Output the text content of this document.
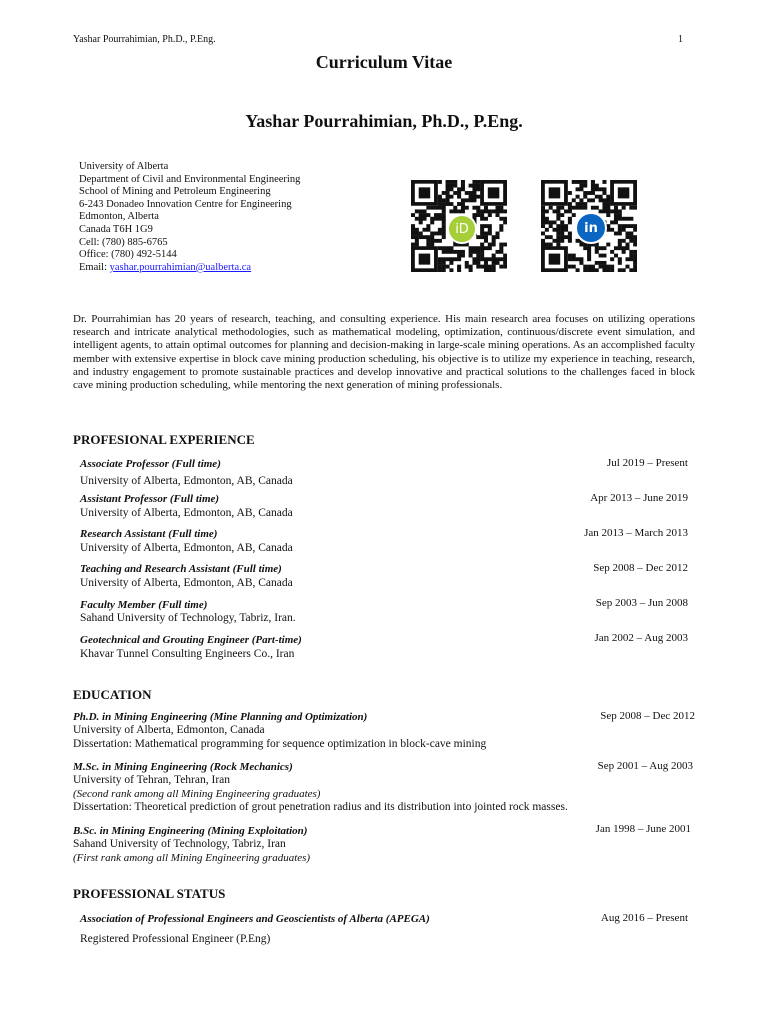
Yashar Pourrahimian, Ph.D., P.Eng.	1
Curriculum Vitae
Yashar Pourrahimian, Ph.D., P.Eng.
University of Alberta
Department of Civil and Environmental Engineering
School of Mining and Petroleum Engineering
6-243 Donadeo Innovation Centre for Engineering
Edmonton, Alberta
Canada T6H 1G9
Cell: (780) 885-6765
Office: (780) 492-5144
Email: yashar.pourrahimian@ualberta.ca
iD	in
Dr. Pourrahimian has 20 years of research, teaching, and consulting experience. His main research area focuses on utilizing operations research and intricate analytical methodologies, such as mathematical modeling, optimization, continuous/discrete event simulation, and intelligent agents, to attain optimal outcomes for planning and decision-making in large-scale mining operations. As an accomplished faculty member with extensive expertise in block cave mining production scheduling, his objective is to utilize my experience in teaching, research, and industry engagement to promote sustainable practices and develop innovative and practical solutions to the challenges faced in block cave mining production scheduling, while mentoring the next generation of mining professionals.
PROFESIONAL EXPERIENCE
Associate Professor (Full time)	Jul 2019 – Present
University of Alberta, Edmonton, AB, Canada
Assistant Professor (Full time)	Apr 2013 – June 2019
University of Alberta, Edmonton, AB, Canada
Research Assistant (Full time)	Jan 2013 – March 2013
University of Alberta, Edmonton, AB, Canada
Teaching and Research Assistant (Full time)	Sep 2008 – Dec 2012
University of Alberta, Edmonton, AB, Canada
Faculty Member (Full time)	Sep 2003 – Jun 2008
Sahand University of Technology, Tabriz, Iran.
Geotechnical and Grouting Engineer (Part-time)	Jan 2002 – Aug 2003
Khavar Tunnel Consulting Engineers Co., Iran
EDUCATION
Ph.D. in Mining Engineering (Mine Planning and Optimization)	Sep 2008 – Dec 2012
University of Alberta, Edmonton, Canada
Dissertation: Mathematical programming for sequence optimization in block-cave mining
M.Sc. in Mining Engineering (Rock Mechanics)	Sep 2001 – Aug 2003
University of Tehran, Tehran, Iran
(Second rank among all Mining Engineering graduates)
Dissertation: Theoretical prediction of grout penetration radius and its distribution into jointed rock masses.
B.Sc. in Mining Engineering (Mining Exploitation)	Jan 1998 – June 2001
Sahand University of Technology, Tabriz, Iran
(First rank among all Mining Engineering graduates)
PROFESSIONAL STATUS
Association of Professional Engineers and Geoscientists of Alberta (APEGA)	Aug 2016 – Present
Registered Professional Engineer (P.Eng)
